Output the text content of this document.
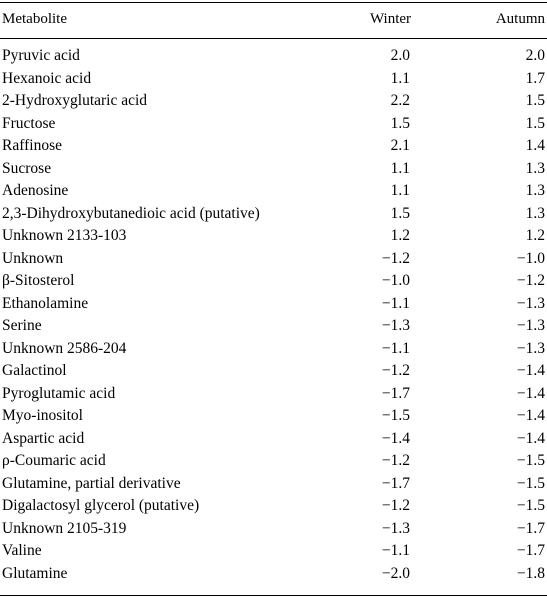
Metabolite	Winter	Autumn
Pyruvic acid	2.0	2.0
Hexanoic acid	1.1	1.7
2-Hydroxyglutaric acid	2.2	1.5
Fructose	1.5	1.5
Raffinose	2.1	1.4
Sucrose	1.1	1.3
Adenosine	1.1	1.3
2,3-Dihydroxybutanedioic acid (putative)	1.5	1.3
Unknown 2133-103	1.2	1.2
Unknown	−1.2	−1.0
β-Sitosterol	−1.0	−1.2
Ethanolamine	−1.1	−1.3
Serine	−1.3	−1.3
Unknown 2586-204	−1.1	−1.3
Galactinol	−1.2	−1.4
Pyroglutamic acid	−1.7	−1.4
Myo-inositol	−1.5	−1.4
Aspartic acid	−1.4	−1.4
ρ-Coumaric acid	−1.2	−1.5
Glutamine, partial derivative	−1.7	−1.5
Digalactosyl glycerol (putative)	−1.2	−1.5
Unknown 2105-319	−1.3	−1.7
Valine	−1.1	−1.7
Glutamine	−2.0	−1.8
